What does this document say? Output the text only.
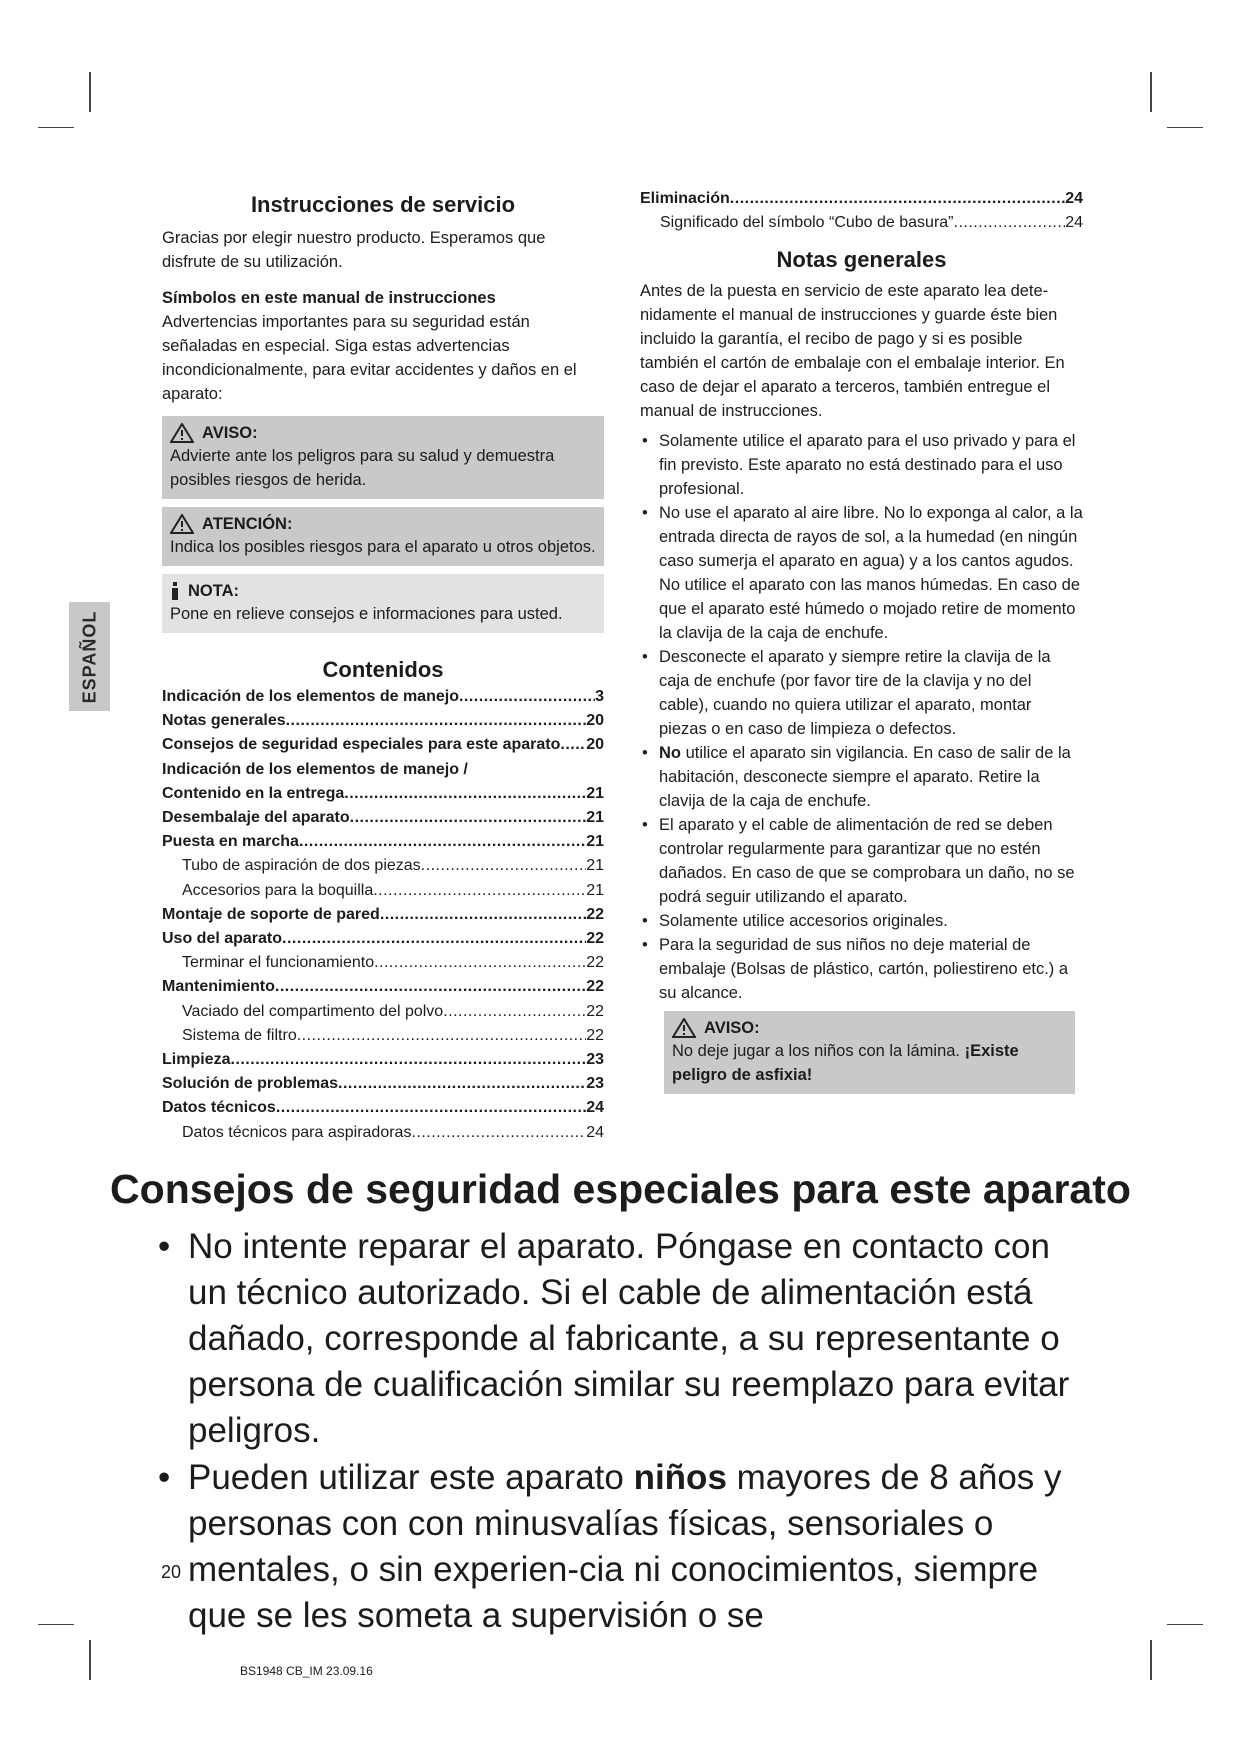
ESPAÑOL
Instrucciones de servicio

Gracias por elegir nuestro producto. Esperamos que disfrute de su utilización.

Símbolos en este manual de instrucciones

Advertencias importantes para su seguridad están señaladas en especial. Siga estas advertencias incondicionalmente, para evitar accidentes y daños en el aparato:

AVISO:
Advierte ante los peligros para su salud y demuestra posibles riesgos de herida.
ATENCIÓN:
Indica los posibles riesgos para el aparato u otros objetos.
NOTA:
Pone en relieve consejos e informaciones para usted.
Contenidos
Indicación de los elementos de manejo .....	3
Notas generales .....	20
Consejos de seguridad especiales para este aparato ..... 20
Indicación de los elementos de manejo /
Contenido en la entrega .....	21
Desembalaje del aparato .....	21
Puesta en marcha .....	21
Tubo de aspiración de dos piezas .....	21
Accesorios para la boquilla .....	21
Montaje de soporte de pared .....	22
Uso del aparato .....	22
Terminar el funcionamiento .....	22
Mantenimiento .....	22
Vaciado del compartimento del polvo .....	22
Sistema de filtro .....	22
Limpieza .....	23
Solución de problemas .....	23
Datos técnicos .....	24
Datos técnicos para aspiradoras .....	24
Eliminación .....	24
Significado del símbolo “Cubo de basura” .....	24
Notas generales

Antes de la puesta en servicio de este aparato lea dete-nidamente el manual de instrucciones y guarde éste bien incluido la garantía, el recibo de pago y si es posible también el cartón de embalaje con el embalaje interior. En caso de dejar el aparato a terceros, también entregue el manual de instrucciones.

• Solamente utilice el aparato para el uso privado y para el fin previsto. Este aparato no está destinado para el uso profesional.
• No use el aparato al aire libre. No lo exponga al calor, a la entrada directa de rayos de sol, a la humedad (en ningún caso sumerja el aparato en agua) y a los cantos agudos. No utilice el aparato con las manos húmedas. En caso de que el aparato esté húmedo o mojado retire de momento la clavija de la caja de enchufe.
• Desconecte el aparato y siempre retire la clavija de la caja de enchufe (por favor tire de la clavija y no del cable), cuando no quiera utilizar el aparato, montar piezas o en caso de limpieza o defectos.
• No utilice el aparato sin vigilancia. En caso de salir de la habitación, desconecte siempre el aparato. Retire la clavija de la caja de enchufe.
• El aparato y el cable de alimentación de red se deben controlar regularmente para garantizar que no estén dañados. En caso de que se comprobara un daño, no se podrá seguir utilizando el aparato.
• Solamente utilice accesorios originales.
• Para la seguridad de sus niños no deje material de embalaje (Bolsas de plástico, cartón, poliestireno etc.) a su alcance.
AVISO:
No deje jugar a los niños con la lámina. ¡Existe peligro de asfixia!
Consejos de seguridad especiales para este aparato
• No intente reparar el aparato. Póngase en contacto con un técnico autorizado. Si el cable de alimentación está dañado, corresponde al fabricante, a su representante o persona de cualificación similar su reemplazo para evitar peligros.
• Pueden utilizar este aparato niños mayores de 8 años y personas con con minusvalías físicas, sensoriales o mentales, o sin experien-cia ni conocimientos, siempre que se les someta a supervisión o se
20
BS1948 CB_IM 23.09.16
